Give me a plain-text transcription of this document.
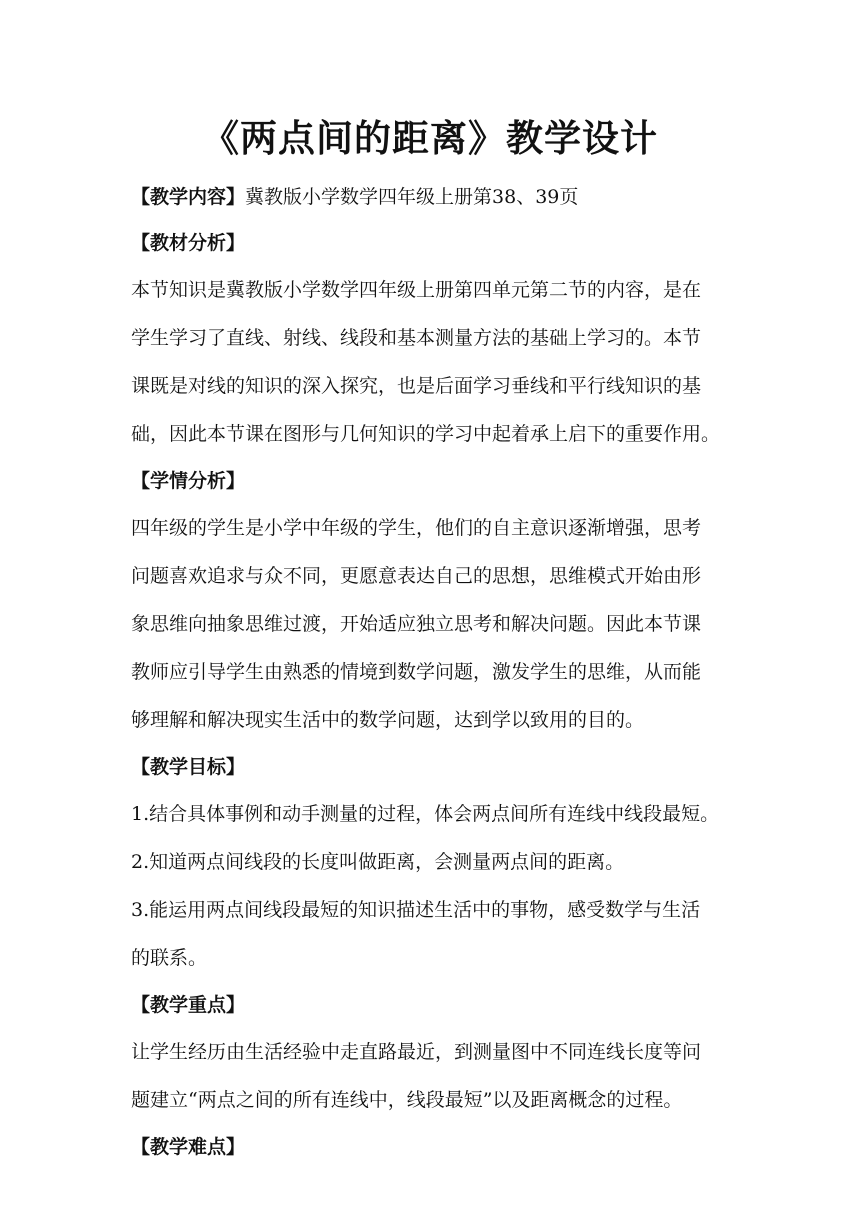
《两点间的距离》教学设计

【教学内容】冀教版小学数学四年级上册第38、39页

【教材分析】

本节知识是冀教版小学数学四年级上册第四单元第二节的内容，是在

学生学习了直线、射线、线段和基本测量方法的基础上学习的。本节

课既是对线的知识的深入探究，也是后面学习垂线和平行线知识的基

础，因此本节课在图形与几何知识的学习中起着承上启下的重要作用。

【学情分析】

四年级的学生是小学中年级的学生，他们的自主意识逐渐增强，思考

问题喜欢追求与众不同，更愿意表达自己的思想，思维模式开始由形

象思维向抽象思维过渡，开始适应独立思考和解决问题。因此本节课

教师应引导学生由熟悉的情境到数学问题，激发学生的思维，从而能

够理解和解决现实生活中的数学问题，达到学以致用的目的。

【教学目标】

1.结合具体事例和动手测量的过程，体会两点间所有连线中线段最短。

2.知道两点间线段的长度叫做距离，会测量两点间的距离。

3.能运用两点间线段最短的知识描述生活中的事物，感受数学与生活

的联系。

【教学重点】

让学生经历由生活经验中走直路最近，到测量图中不同连线长度等问

题建立“两点之间的所有连线中，线段最短”以及距离概念的过程。

【教学难点】
